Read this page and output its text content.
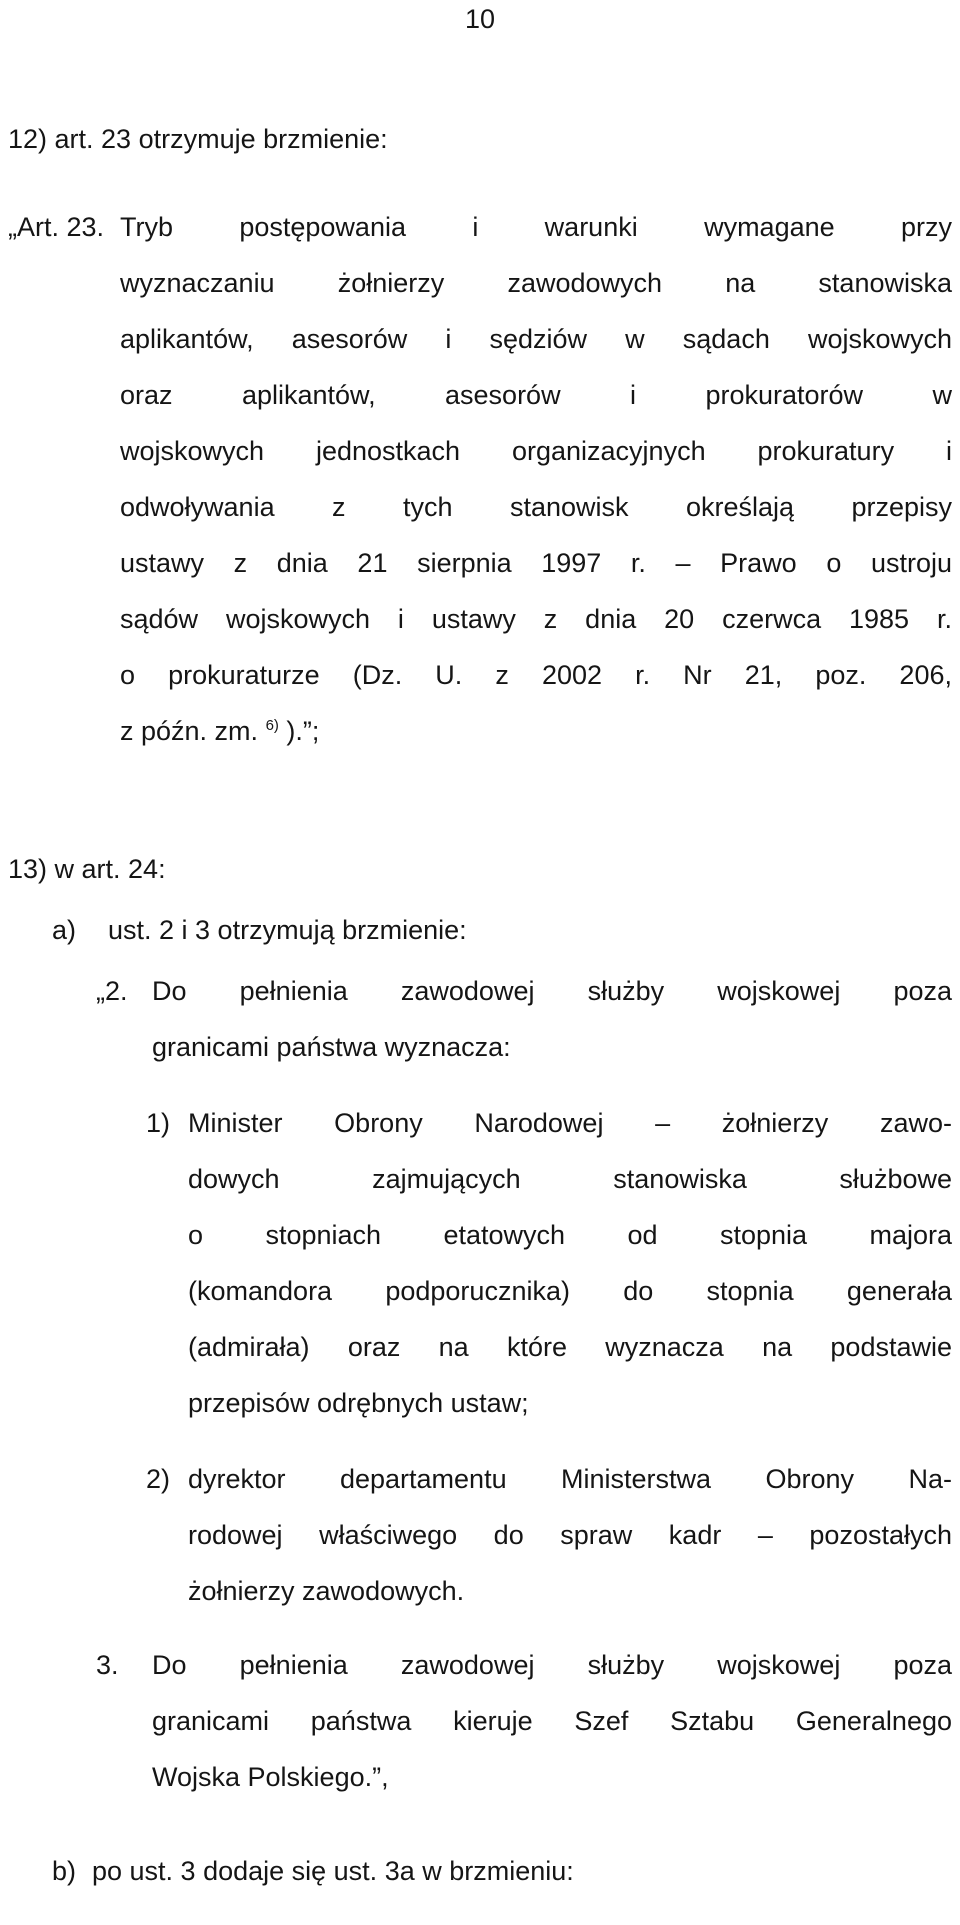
10
12) art. 23 otrzymuje brzmienie:
„Art. 23. Tryb postępowania i warunki wymagane przy
wyznaczaniu żołnierzy zawodowych na stanowiska
aplikantów, asesorów i sędziów w sądach wojskowych
oraz aplikantów, asesorów i prokuratorów w
wojskowych jednostkach organizacyjnych prokuratury i
odwoływania z tych stanowisk określają przepisy
ustawy z dnia 21 sierpnia 1997 r. – Prawo o ustroju
sądów wojskowych i ustawy z dnia 20 czerwca 1985 r.
o prokuraturze (Dz. U. z 2002 r. Nr 21, poz. 206,
z późn. zm. $^{6)}$ ).”;
13) w art. 24:
a) ust. 2 i 3 otrzymują brzmienie:
„2. Do pełnienia zawodowej służby wojskowej poza
granicami państwa wyznacza:
1) Minister Obrony Narodowej – żołnierzy zawo-
dowych zajmujących stanowiska służbowe
o stopniach etatowych od stopnia majora
(komandora podporucznika) do stopnia generała
(admirała) oraz na które wyznacza na podstawie
przepisów odrębnych ustaw;
2) dyrektor departamentu Ministerstwa Obrony Na-
rodowej właściwego do spraw kadr – pozostałych
żołnierzy zawodowych.
3. Do pełnienia zawodowej służby wojskowej poza
granicami państwa kieruje Szef Sztabu Generalnego
Wojska Polskiego.”,
b) po ust. 3 dodaje się ust. 3a w brzmieniu:
